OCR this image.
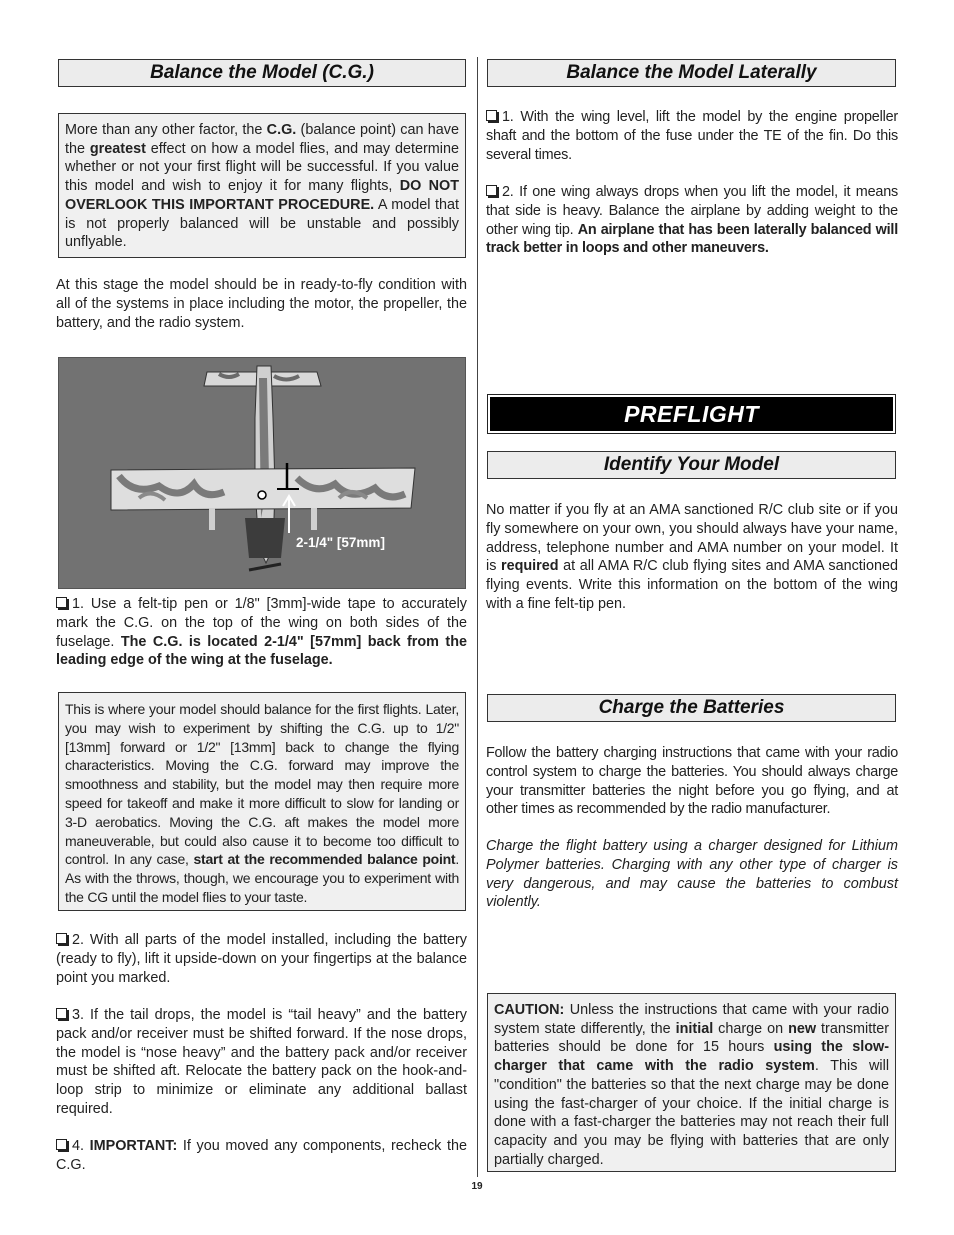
Balance the Model (C.G.)
More than any other factor, the C.G. (balance point) can have the greatest effect on how a model flies, and may determine whether or not your first flight will be successful. If you value this model and wish to enjoy it for many flights, DO NOT OVERLOOK THIS IMPORTANT PROCEDURE. A model that is not properly balanced will be unstable and possibly unflyable.
At this stage the model should be in ready-to-fly condition with all of the systems in place including the motor, the propeller, the battery, and the radio system.
2-1/4" [57mm]
1. Use a felt-tip pen or 1/8" [3mm]-wide tape to accurately mark the C.G. on the top of the wing on both sides of the fuselage. The C.G. is located 2-1/4" [57mm] back from the leading edge of the wing at the fuselage.
This is where your model should balance for the first flights. Later, you may wish to experiment by shifting the C.G. up to 1/2" [13mm] forward or 1/2" [13mm] back to change the flying characteristics. Moving the C.G. forward may improve the smoothness and stability, but the model may then require more speed for takeoff and make it more difficult to slow for landing or 3-D aerobatics. Moving the C.G. aft makes the model more maneuverable, but could also cause it to become too difficult to control. In any case, start at the recommended balance point. As with the throws, though, we encourage you to experiment with the CG until the model flies to your taste.
2. With all parts of the model installed, including the battery (ready to fly), lift it upside-down on your fingertips at the balance point you marked.
3. If the tail drops, the model is “tail heavy” and the battery pack and/or receiver must be shifted forward. If the nose drops, the model is “nose heavy” and the battery pack and/or receiver must be shifted aft. Relocate the battery pack on the hook-and-loop strip to minimize or eliminate any additional ballast required.
4. IMPORTANT: If you moved any components, recheck the C.G.
Balance the Model Laterally
1. With the wing level, lift the model by the engine propeller shaft and the bottom of the fuse under the TE of the fin. Do this several times.
2. If one wing always drops when you lift the model, it means that side is heavy. Balance the airplane by adding weight to the other wing tip. An airplane that has been laterally balanced will track better in loops and other maneuvers.
PREFLIGHT
Identify Your Model
No matter if you fly at an AMA sanctioned R/C club site or if you fly somewhere on your own, you should always have your name, address, telephone number and AMA number on your model. It is required at all AMA R/C club flying sites and AMA sanctioned flying events. Write this information on the bottom of the wing with a fine felt-tip pen.
Charge the Batteries
Follow the battery charging instructions that came with your radio control system to charge the batteries. You should always charge your transmitter batteries the night before you go flying, and at other times as recommended by the radio manufacturer.
Charge the flight battery using a charger designed for Lithium Polymer batteries. Charging with any other type of charger is very dangerous, and may cause the batteries to combust violently.
CAUTION: Unless the instructions that came with your radio system state differently, the initial charge on new transmitter batteries should be done for 15 hours using the slow-charger that came with the radio system. This will "condition" the batteries so that the next charge may be done using the fast-charger of your choice. If the initial charge is done with a fast-charger the batteries may not reach their full capacity and you may be flying with batteries that are only partially charged.
19
